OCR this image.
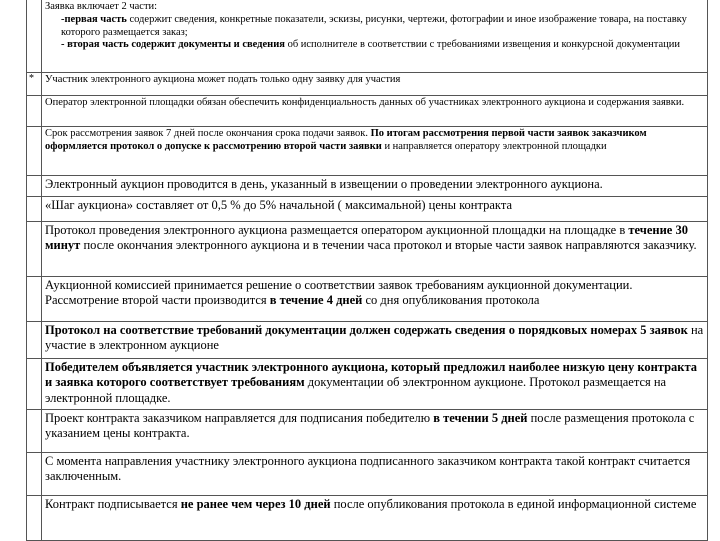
Заявка включает 2 части:

-первая часть содержит сведения, конкретные показатели, эскизы, рисунки, чертежи, фотографии и иное изображение товара, на поставку которого размещается заказ;

- вторая часть содержит документы и сведения об исполнителе в соответствии с требованиями извещения и конкурсной документации

* Участник электронного аукциона может подать только одну заявку для участия
Оператор электронной площадки обязан обеспечить конфиденциальность данных об участниках электронного аукциона и содержания заявки.
Срок рассмотрения заявок 7 дней после окончания срока подачи заявок. По итогам рассмотрения первой части заявок заказчиком оформляется протокол о допуске к рассмотрению второй части заявки и направляется оператору электронной площадки
Электронный аукцион проводится в день, указанный в извещении о проведении электронного аукциона.
«Шаг аукциона» составляет от 0,5 % до 5% начальной ( максимальной) цены контракта
Протокол проведения электронного аукциона размещается оператором аукционной площадки на площадке в течение 30 минут после окончания электронного аукциона и в течении часа протокол и вторые части заявок направляются заказчику.
Аукционной комиссией принимается решение о соответствии заявок требованиям аукционной документации. Рассмотрение второй части производится в течение 4 дней со дня опубликования протокола
Протокол на соответствие требований документации должен содержать сведения о порядковых номерах 5 заявок на участие в электронном аукционе
Победителем объявляется участник электронного аукциона, который предложил наиболее низкую цену контракта и заявка которого соответствует требованиям документации об электронном аукционе. Протокол размещается на электронной площадке.
Проект контракта заказчиком направляется для подписания победителю в течении 5 дней после размещения протокола с указанием цены контракта.
С момента направления участнику электронного аукциона подписанного заказчиком контракта такой контракт считается заключенным.
Контракт подписывается не ранее чем через 10 дней после опубликования протокола в единой информационной системе
